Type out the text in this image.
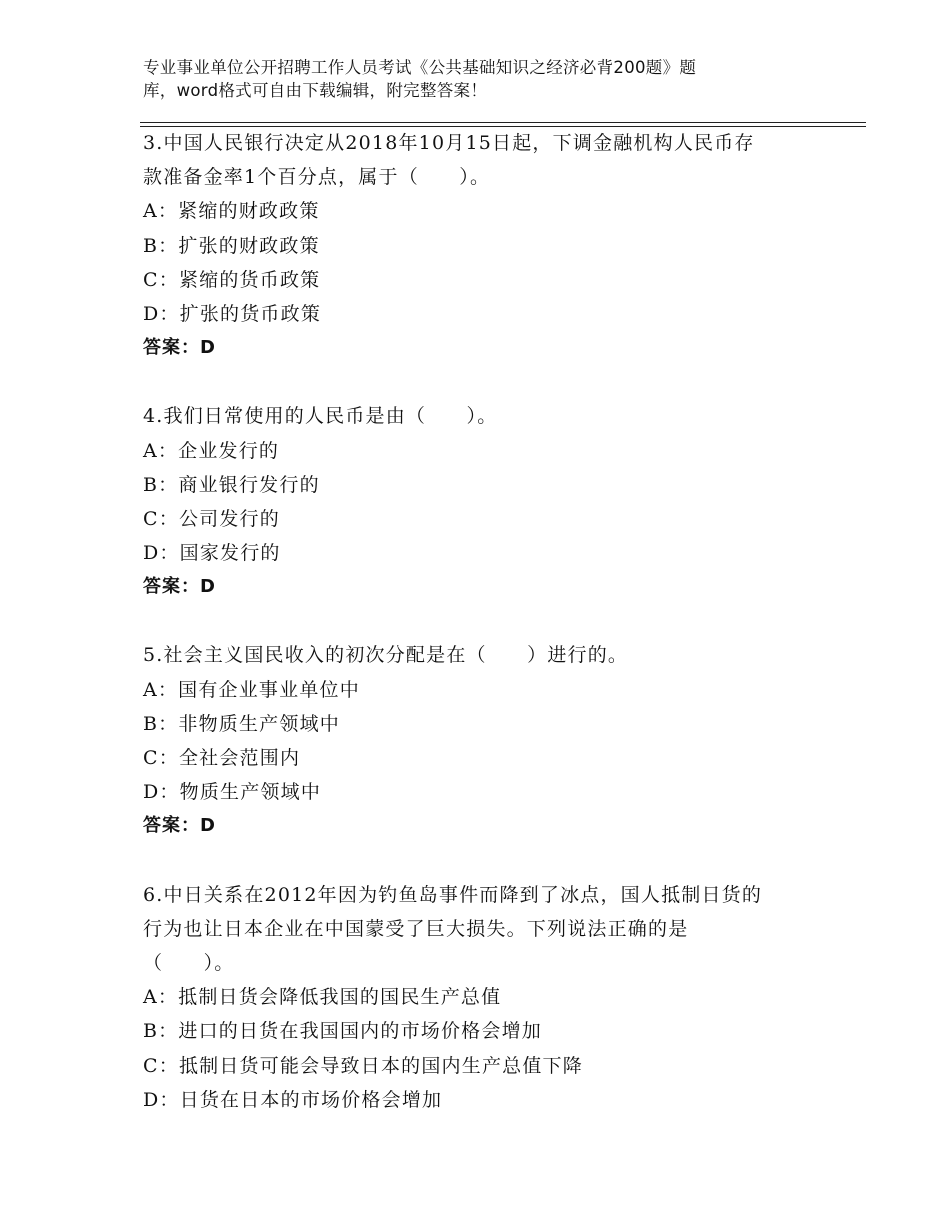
专业事业单位公开招聘工作人员考试《公共基础知识之经济必背200题》题
库，word格式可自由下载编辑，附完整答案！
3.中国人民银行决定从2018年10月15日起，下调金融机构人民币存
款准备金率1个百分点，属于（　　）。
A：紧缩的财政政策
B：扩张的财政政策
C：紧缩的货币政策
D：扩张的货币政策
答案：D
4.我们日常使用的人民币是由（　　）。
A：企业发行的
B：商业银行发行的
C：公司发行的
D：国家发行的
答案：D
5.社会主义国民收入的初次分配是在（　　）进行的。
A：国有企业事业单位中
B：非物质生产领域中
C：全社会范围内
D：物质生产领域中
答案：D
6.中日关系在2012年因为钓鱼岛事件而降到了冰点，国人抵制日货的
行为也让日本企业在中国蒙受了巨大损失。下列说法正确的是
（　　）。
A：抵制日货会降低我国的国民生产总值
B：进口的日货在我国国内的市场价格会增加
C：抵制日货可能会导致日本的国内生产总值下降
D：日货在日本的市场价格会增加
